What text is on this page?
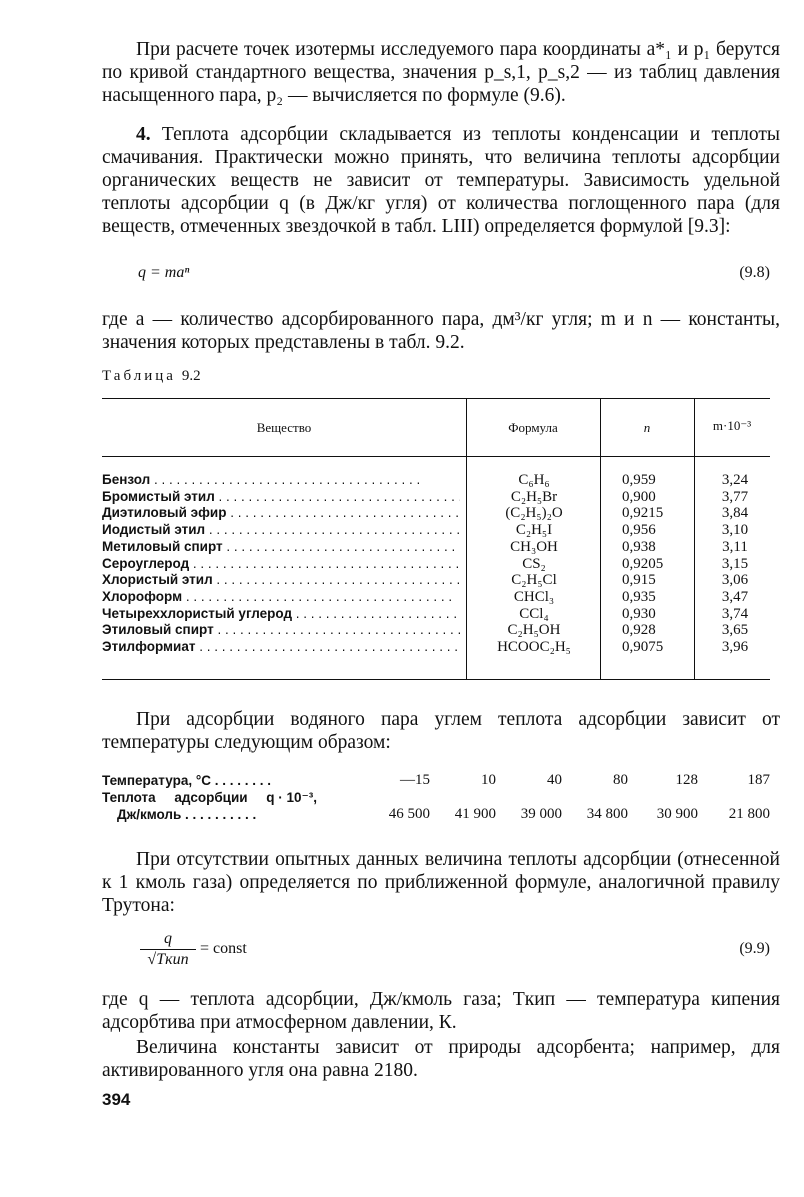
При расчете точек изотермы исследуемого пара координаты a*₁ и p₁ берутся по кривой стандартного вещества, значения p_s,1, p_s,2 — из таблиц давления насыщенного пара, p₂ — вычисляется по формуле (9.6).

4. Теплота адсорбции складывается из теплоты конденсации и теплоты смачивания. Практически можно принять, что величина теплоты адсорбции органических веществ не зависит от температуры. Зависимость удельной теплоты адсорбции q (в Дж/кг угля) от количества поглощенного пара (для веществ, отмеченных звездочкой в табл. LIII) определяется формулой [9.3]:

q = maⁿ	(9.8)

где a — количество адсорбированного пара, дм³/кг угля; m и n — константы, значения которых представлены в табл. 9.2.

Таблица 9.2
Вещество	Формула	n	m·10⁻³
Бензол . . .	C₆H₆	0,959	3,24
Бромистый этил . . .	C₂H₅Br	0,900	3,77
Диэтиловый эфир . . .	(C₂H₅)₂O	0,9215	3,84
Иодистый этил . . .	C₂H₅I	0,956	3,10
Метиловый спирт . . .	CH₃OH	0,938	3,11
Сероуглерод . . .	CS₂	0,9205	3,15
Хлористый этил . . .	C₂H₅Cl	0,915	3,06
Хлороформ . . .	CHCl₃	0,935	3,47
Четыреххлористый углерод . . .	CCl₄	0,930	3,74
Этиловый спирт . . .	C₂H₅OH	0,928	3,65
Этилформиат . . .	HCOOC₂H₅	0,9075	3,96

При адсорбции водяного пара углем теплота адсорбции зависит от температуры следующим образом:

Температура, °C . . . . . . . .	—15	10	40	80	128	187
Теплота     адсорбции     q · 10⁻³,
Дж/кмоль . . . . . . . . . .	46 500	41 900	39 000	34 800	30 900	21 800

При отсутствии опытных данных величина теплоты адсорбции (отнесенной к 1 кмоль газа) определяется по приближенной формуле, аналогичной правилу Трутона:

q
√Tкип
= const	(9.9)

где q — теплота адсорбции, Дж/кмоль газа; Tкип — температура кипения адсорбтива при атмосферном давлении, К.

Величина константы зависит от природы адсорбента; например, для активированного угля она равна 2180.

394
